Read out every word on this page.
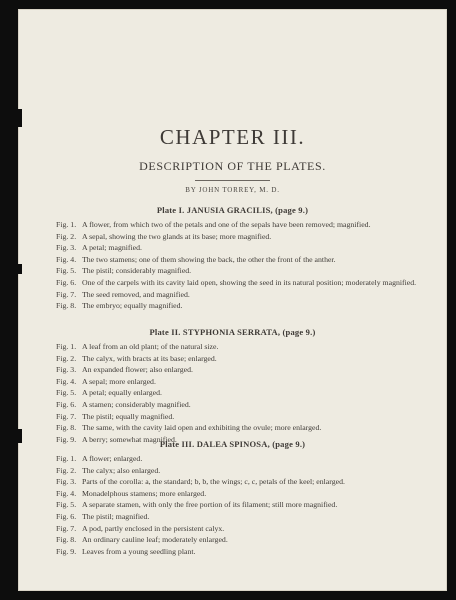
CHAPTER III.
DESCRIPTION OF THE PLATES.

BY JOHN TORREY, M. D.

Plate I. JANUSIA GRACILIS, (page 9.)
Fig. 1. A flower, from which two of the petals and one of the sepals have been removed; magnified.
Fig. 2. A sepal, showing the two glands at its base; more magnified.
Fig. 3. A petal; magnified.
Fig. 4. The two stamens; one of them showing the back, the other the front of the anther.
Fig. 5. The pistil; considerably magnified.
Fig. 6. One of the carpels with its cavity laid open, showing the seed in its natural position; moderately magnified.
Fig. 7. The seed removed, and magnified.
Fig. 8. The embryo; equally magnified.
Plate II. STYPHONIA SERRATA, (page 9.)
Fig. 1. A leaf from an old plant; of the natural size.
Fig. 2. The calyx, with bracts at its base; enlarged.
Fig. 3. An expanded flower; also enlarged.
Fig. 4. A sepal; more enlarged.
Fig. 5. A petal; equally enlarged.
Fig. 6. A stamen; considerably magnified.
Fig. 7. The pistil; equally magnified.
Fig. 8. The same, with the cavity laid open and exhibiting the ovule; more enlarged.
Fig. 9. A berry; somewhat magnified.
Plate III. DALEA SPINOSA, (page 9.)
Fig. 1. A flower; enlarged.
Fig. 2. The calyx; also enlarged.
Fig. 3. Parts of the corolla: a, the standard; b, b, the wings; c, c, petals of the keel; enlarged.
Fig. 4. Monadelphous stamens; more enlarged.
Fig. 5. A separate stamen, with only the free portion of its filament; still more magnified.
Fig. 6. The pistil; magnified.
Fig. 7. A pod, partly enclosed in the persistent calyx.
Fig. 8. An ordinary cauline leaf; moderately enlarged.
Fig. 9. Leaves from a young seedling plant.
